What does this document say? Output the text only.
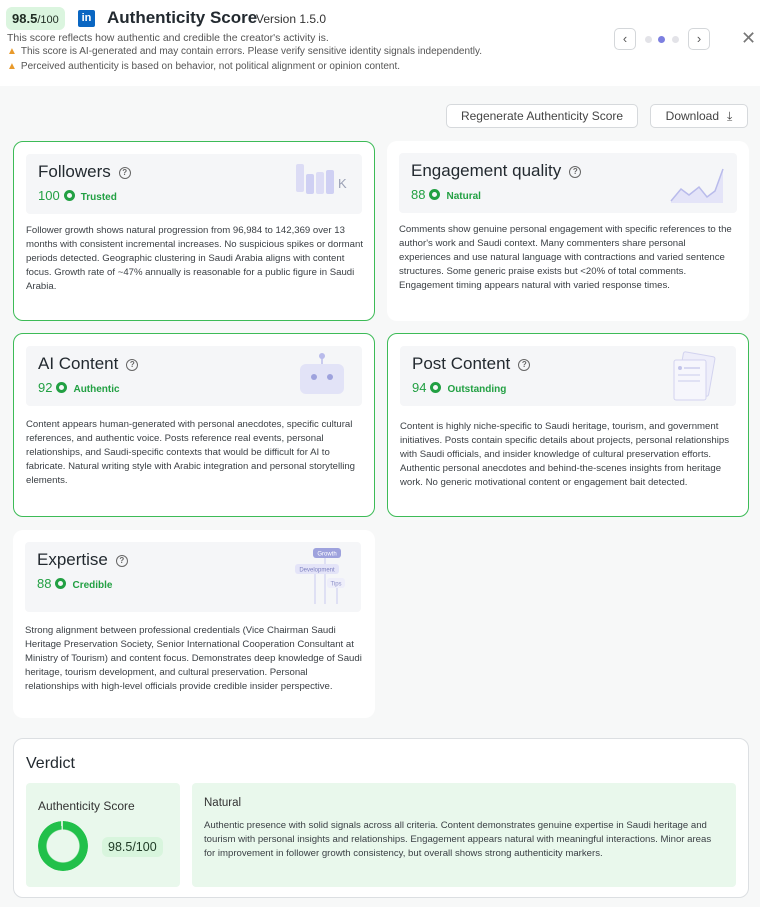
98.5/100	in Authenticity Score
Version 1.5.0
This score reflects how authentic and credible the creator's activity is.
▲ This score is AI-generated and may contain errors. Please verify sensitive identity signals independently.
▲ Perceived authenticity is based on behavior, not political alignment or opinion content.
‹	›	✕
Regenerate Authenticity Score	Download ⤓
Followers ?
100 Trusted
K
Follower growth shows natural progression from 96,984 to 142,369 over 13 months with consistent incremental increases. No suspicious spikes or dormant periods detected. Geographic clustering in Saudi Arabia aligns with content focus. Growth rate of ~47% annually is reasonable for a public figure in Saudi Arabia.
Engagement quality ?
88 Natural
Comments show genuine personal engagement with specific references to the author's work and Saudi context. Many commenters share personal experiences and use natural language with contractions and varied sentence structures. Some generic praise exists but <20% of total comments. Engagement timing appears natural with varied response times.
AI Content ?
92 Authentic
Content appears human-generated with personal anecdotes, specific cultural references, and authentic voice. Posts reference real events, personal relationships, and Saudi-specific contexts that would be difficult for AI to fabricate. Natural writing style with Arabic integration and personal storytelling elements.
Post Content ?
94 Outstanding
Content is highly niche-specific to Saudi heritage, tourism, and government initiatives. Posts contain specific details about projects, personal relationships with Saudi officials, and insider knowledge of cultural preservation efforts. Authentic personal anecdotes and behind-the-scenes insights from heritage work. No generic motivational content or engagement bait detected.
Expertise ?
88 Credible
Growth
Development
Tips
Strong alignment between professional credentials (Vice Chairman Saudi Heritage Preservation Society, Senior International Cooperation Consultant at Ministry of Tourism) and content focus. Demonstrates deep knowledge of Saudi heritage, tourism development, and cultural preservation. Personal relationships with high-level officials provide credible insider perspective.
Verdict
Authenticity Score
98.5/100
Natural
Authentic presence with solid signals across all criteria. Content demonstrates genuine expertise in Saudi heritage and tourism with personal insights and relationships. Engagement appears natural with meaningful interactions. Minor areas for improvement in follower growth consistency, but overall shows strong authenticity markers.
